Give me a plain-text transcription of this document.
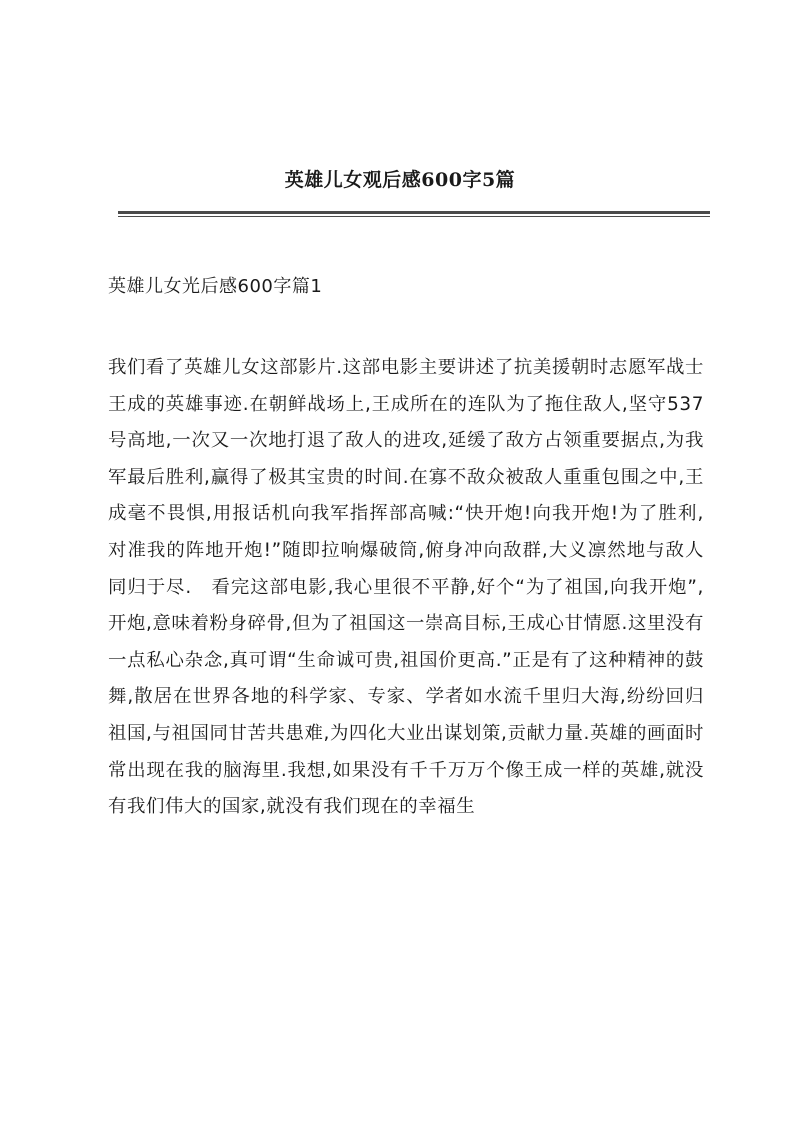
英雄儿女观后感600字5篇
英雄儿女光后感600字篇1

我们看了英雄儿女这部影片.这部电影主要讲述了抗美援朝时志愿军战士王成的英雄事迹.在朝鲜战场上,王成所在的连队为了拖住敌人,坚守537号高地,一次又一次地打退了敌人的进攻,延缓了敌方占领重要据点,为我军最后胜利,赢得了极其宝贵的时间.在寡不敌众被敌人重重包围之中,王成毫不畏惧,用报话机向我军指挥部高喊:“快开炮!向我开炮!为了胜利,对准我的阵地开炮!”随即拉响爆破筒,俯身冲向敌群,大义凛然地与敌人同归于尽.　看完这部电影,我心里很不平静,好个“为了祖国,向我开炮”,开炮,意味着粉身碎骨,但为了祖国这一崇高目标,王成心甘情愿.这里没有一点私心杂念,真可谓“生命诚可贵,祖国价更高.”正是有了这种精神的鼓舞,散居在世界各地的科学家、专家、学者如水流千里归大海,纷纷回归祖国,与祖国同甘苦共患难,为四化大业出谋划策,贡献力量.英雄的画面时常出现在我的脑海里.我想,如果没有千千万万个像王成一样的英雄,就没有我们伟大的国家,就没有我们现在的幸福生
